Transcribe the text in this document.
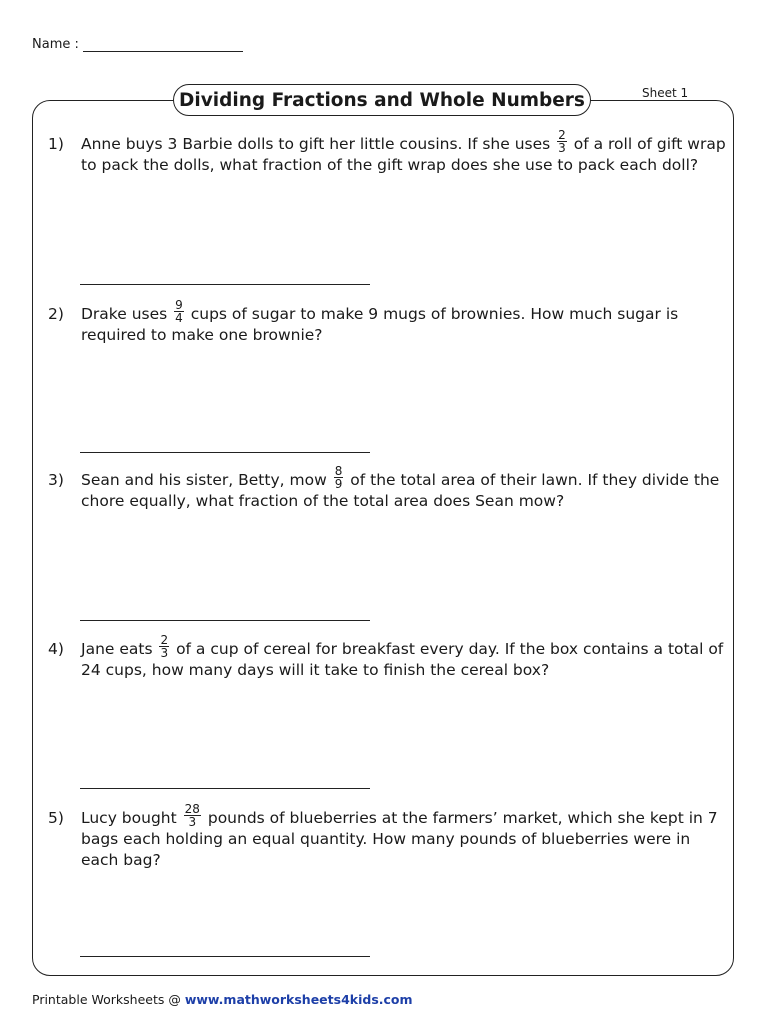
Name :
Dividing Fractions and Whole Numbers	Sheet 1
1) Anne buys 3 Barbie dolls to gift her little cousins. If she uses $\frac{2}{3}$ of a roll of gift wrap to pack the dolls, what fraction of the gift wrap does she use to pack each doll?
2) Drake uses $\frac{9}{4}$ cups of sugar to make 9 mugs of brownies. How much sugar is required to make one brownie?
3) Sean and his sister, Betty, mow $\frac{8}{9}$ of the total area of their lawn. If they divide the chore equally, what fraction of the total area does Sean mow?
4) Jane eats $\frac{2}{3}$ of a cup of cereal for breakfast every day. If the box contains a total of 24 cups, how many days will it take to finish the cereal box?
5) Lucy bought $\frac{28}{3}$ pounds of blueberries at the farmers’ market, which she kept in 7 bags each holding an equal quantity. How many pounds of blueberries were in each bag?
Printable Worksheets @ www.mathworksheets4kids.com
